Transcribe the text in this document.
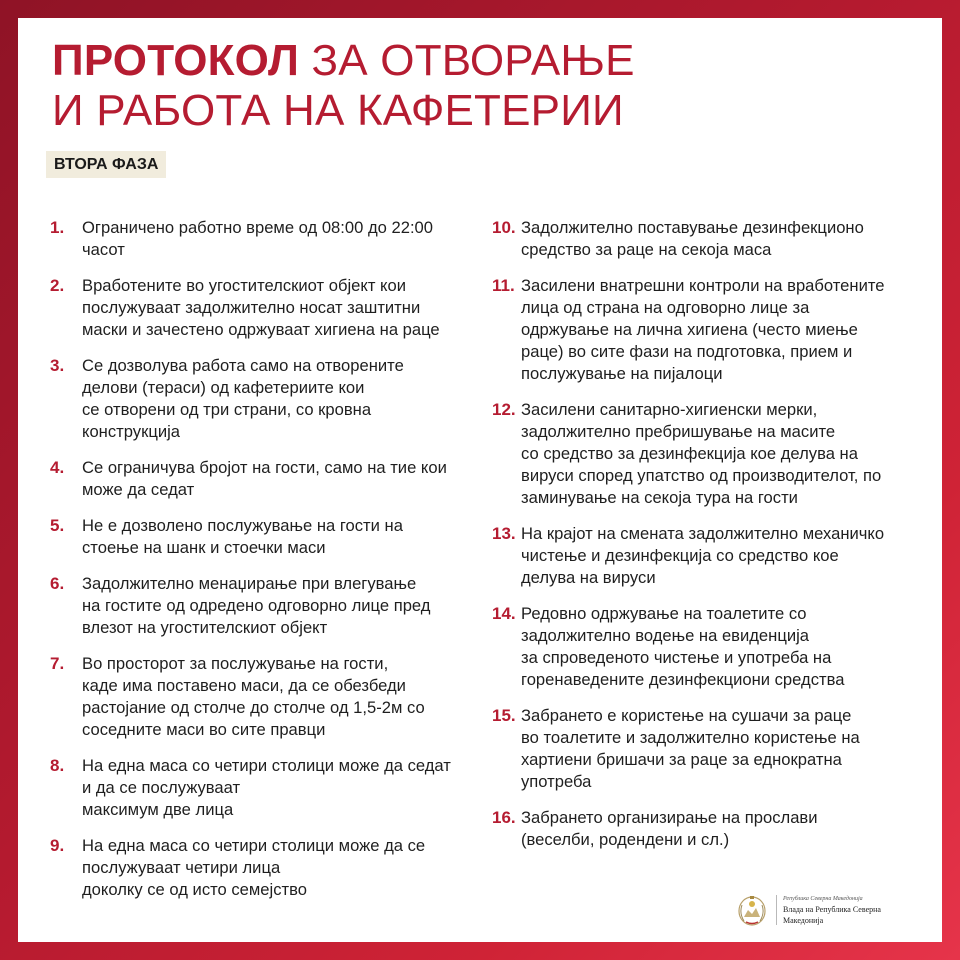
ПРОТОКОЛ ЗА ОТВОРАЊЕ
И РАБОТА НА КАФЕТЕРИИ
ВТОРА ФАЗА
1.	Ограничено работно време од 08:00 до 22:00
часот
2.	Вработените во угостителскиот објект кои
послужуваат задолжително носат заштитни
маски и зачестено одржуваат хигиена на раце
3.	Се дозволува работа само на отворените
делови (тераси) од кафетериите кои
се отворени од три страни, со кровна
конструкција
4.	Се ограничува бројот на гости, само на тие кои
може да седат
5.	Не е дозволено послужување на гости на
стоење на шанк и стоечки маси
6.	Задолжително менаџирање при влегување
на гостите од одредено одговорно лице пред
влезот на угостителскиот објект
7.	Во просторот за послужување на гости,
каде има поставено маси, да се обезбеди
растојание од столче до столче од 1,5-2м со
соседните маси во сите правци
8.	На една маса со четири столици може да седат
и да се послужуваат
максимум две лица
9.	На една маса со четири столици може да се
послужуваат четири лица
доколку се од исто семејство
10. Задолжително поставување дезинфекционо
средство за раце на секоја маса
11. Засилени внатрешни контроли на вработените
лица од страна на одговорно лице за
одржување на лична хигиена (често миење
раце) во сите фази на подготовка, прием и
послужување на пијалоци
12. Засилени санитарно-хигиенски мерки,
задолжително пребришување на масите
со средство за дезинфекција кое делува на
вируси според упатство од производителот, по
заминување на секоја тура на гости
13. На крајот на смената задолжително механичко
чистење и дезинфекција со средство кое
делува на вируси
14. Редовно одржување на тоалетите со
задолжително водење на евиденција
за спроведеното чистење и употреба на
горенаведените дезинфекциони средства
15. Забрането е користење на сушачи за раце
во тоалетите и задолжително користење на
хартиени бришачи за раце за еднократна
употреба
16. Забрането организирање на прослави
(веселби, родендени и сл.)
Република Северна Македонија
Влада на Република Северна Македонија
